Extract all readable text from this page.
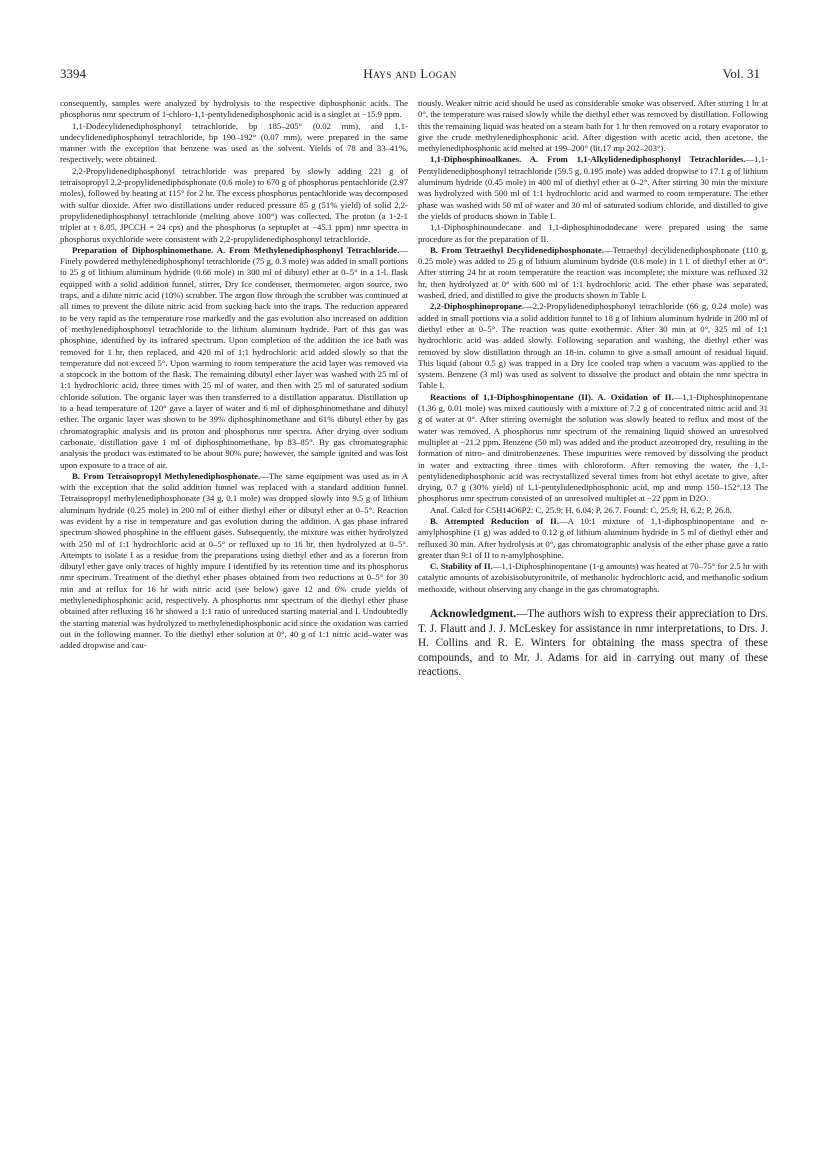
3394	Hays and Logan	Vol. 31

consequently, samples were analyzed by hydrolysis to the respective diphosphonic acids. The phosphorus nmr spectrum of 1-chloro-1,1-pentylidenediphosphonic acid is a singlet at −15.9 ppm.

1,1-Dodecylidenediphosphonyl tetrachloride, bp 185–205° (0.02 mm), and 1,1-undecylidenediphosphonyl tetrachloride, bp 190–192° (0.07 mm), were prepared in the same manner with the exception that benzene was used as the solvent. Yields of 78 and 33–41%, respectively, were obtained.

2,2-Propylidenediphosphonyl tetrachloride was prepared by slowly adding 221 g of tetraisopropyl 2,2-propylidenediphosphonate (0.6 mole) to 670 g of phosphorus pentachloride (2.97 moles), followed by heating at 115° for 2 hr. The excess phosphorus pentachloride was decomposed with sulfur dioxide. After two distillations under reduced pressure 85 g (51% yield) of solid 2,2-propylidenediphosphonyl tetrachloride (melting above 100°) was collected. The proton (a 1-2-1 triplet at τ 8.05, JPCCH = 24 cps) and the phosphorus (a septuplet at −45.1 ppm) nmr spectra in phosphorus oxychloride were consistent with 2,2-propylidenediphosphonyl tetrachloride.

Preparation of Diphosphinomethane. A. From Methylenediphosphonyl Tetrachloride.—Finely powdered methylenediphosphonyl tetrachloride (75 g, 0.3 mole) was added in small portions to 25 g of lithium aluminum hydride (0.66 mole) in 300 ml of dibutyl ether at 0–5° in a 1-l. flask equipped with a solid addition funnel, stirrer, Dry Ice condenser, thermometer, argon source, two traps, and a dilute nitric acid (10%) scrubber. The argon flow through the scrubber was continued at all times to prevent the dilute nitric acid from sucking back into the traps. The reduction appeared to be very rapid as the temperature rose markedly and the gas evolution also increased on addition of methylenediphosphonyl tetrachloride to the lithium aluminum hydride. Part of this gas was phosphine, identified by its infrared spectrum. Upon completion of the addition the ice bath was removed for 1 hr, then replaced, and 420 ml of 1:1 hydrochloric acid added slowly so that the temperature did not exceed 5°. Upon warming to room temperature the acid layer was removed via a stopcock in the bottom of the flask. The remaining dibutyl ether layer was washed with 25 ml of 1:1 hydrochloric acid, three times with 25 ml of water, and then with 25 ml of saturated sodium chloride solution. The organic layer was then transferred to a distillation apparatus. Distillation up to a head temperature of 120° gave a layer of water and 6 ml of diphosphinomethane and dibutyl ether. The organic layer was shown to be 39% diphosphinomethane and 61% dibutyl ether by gas chromatographic analysis and its proton and phosphorus nmr spectra. After drying over sodium carbonate, distillation gave 1 ml of diphosphinomethane, bp 83–85°. By gas chromatographic analysis the product was estimated to be about 90% pure; however, the sample ignited and was lost upon exposure to a trace of air.

B. From Tetraisopropyl Methylenediphosphonate.—The same equipment was used as in A with the exception that the solid addition funnel was replaced with a standard addition funnel. Tetraisopropyl methylenediphosphonate (34 g, 0.1 mole) was dropped slowly into 9.5 g of lithium aluminum hydride (0.25 mole) in 200 ml of either diethyl ether or dibutyl ether at 0–5°. Reaction was evident by a rise in temperature and gas evolution during the addition. A gas phase infrared spectrum showed phosphine in the effluent gases. Subsequently, the mixture was either hydrolyzed with 250 ml of 1:1 hydrochloric acid at 0–5° or refluxed up to 16 hr, then hydrolyzed at 0–5°. Attempts to isolate I as a residue from the preparations using diethyl ether and as a forerun from dibutyl ether gave only traces of highly impure I identified by its retention time and its phosphorus nmr spectrum. Treatment of the diethyl ether phases obtained from two reductions at 0–5° for 30 min and at reflux for 16 hr with nitric acid (see below) gave 12 and 6% crude yields of methylenediphosphonic acid, respectively. A phosphorus nmr spectrum of the diethyl ether phase obtained after refluxing 16 hr showed a 1:1 ratio of unreduced starting material and I. Undoubtedly the starting material was hydrolyzed to methylenediphosphonic acid since the oxidation was carried out in the following manner. To the diethyl ether solution at 0°, 40 g of 1:1 nitric acid–water was added dropwise and cau-

tiously. Weaker nitric acid should be used as considerable smoke was observed. After stirring 1 hr at 0°, the temperature was raised slowly while the diethyl ether was removed by distillation. Following this the remaining liquid was heated on a steam bath for 1 hr then removed on a rotary evaporator to give the crude methylenediphosphonic acid. After digestion with acetic acid, then acetone, the methylenediphosphonic acid melted at 199–200° (lit.17 mp 202–203°).

1,1-Diphosphinoalkanes. A. From 1,1-Alkylidenediphosphonyl Tetrachlorides.—1,1-Pentylidenediphosphonyl tetrachloride (59.5 g, 0.195 mole) was added dropwise to 17.1 g of lithium aluminum hydride (0.45 mole) in 400 ml of diethyl ether at 0–2°. After stirring 30 min the mixture was hydrolyzed with 500 ml of 1:1 hydrochloric acid and warmed to room temperature. The ether phase was washed with 50 ml of water and 30 ml of saturated sodium chloride, and distilled to give the yields of products shown in Table I.

1,1-Diphosphinoundecane and 1,1-diphosphinododecane were prepared using the same procedure as for the preparation of II.

B. From Tetraethyl Decylidenediphosphonate.—Tetraethyl decylidenediphosphonate (110 g, 0.25 mole) was added to 25 g of lithium aluminum hydride (0.6 mole) in 1 l. of diethyl ether at 0°. After stirring 24 hr at room temperature the reaction was incomplete; the mixture was refluxed 32 hr, then hydrolyzed at 0° with 600 ml of 1:1 hydrochloric acid. The ether phase was separated, washed, dried, and distilled to give the products shown in Table I.

2,2-Diphosphinopropane.—2,2-Propylidenediphosphonyl tetrachloride (66 g, 0.24 mole) was added in small portions via a solid addition funnel to 18 g of lithium aluminum hydride in 200 ml of diethyl ether at 0–5°. The reaction was quite exothermic. After 30 min at 0°, 325 ml of 1:1 hydrochloric acid was added slowly. Following separation and washing, the diethyl ether was removed by slow distillation through an 18-in. column to give a small amount of residual liquid. This liquid (about 0.5 g) was trapped in a Dry Ice cooled trap when a vacuum was applied to the system. Benzene (3 ml) was used as solvent to dissolve the product and obtain the nmr spectra in Table I.

Reactions of 1,1-Diphosphinopentane (II). A. Oxidation of II.—1,1-Diphosphinopentane (1.36 g, 0.01 mole) was mixed cautiously with a mixture of 7.2 g of concentrated nitric acid and 31 g of water at 0°. After stirring overnight the solution was slowly heated to reflux and most of the water was removed. A phosphorus nmr spectrum of the remaining liquid showed an unresolved multiplet at −21.2 ppm. Benzene (50 ml) was added and the product azeotroped dry, resulting in the formation of nitro- and dinitrobenzenes. These impurities were removed by dissolving the product in water and extracting three times with chloroform. After removing the water, the 1,1-pentylidenediphosphonic acid was recrystallized several times from hot ethyl acetate to give, after drying, 0.7 g (30% yield) of 1,1-pentylidenediphosphonic acid, mp and mmp 150–152°.13 The phosphorus nmr spectrum consisted of an unresolved multiplet at −22 ppm in D2O.

Anal. Calcd for C5H14O6P2: C, 25.9; H, 6.04; P, 26.7. Found: C, 25.9; H, 6.2; P, 26.8.

B. Attempted Reduction of II.—A 10:1 mixture of 1,1-diphosphinopentane and n-amylphosphine (1 g) was added to 0.12 g of lithium aluminum hydride in 5 ml of diethyl ether and refluxed 30 min. After hydrolysis at 0°, gas chromatographic analysis of the ether phase gave a ratio greater than 9:1 of II to n-amylphosphine.

C. Stability of II.—1,1-Diphosphinopentane (1-g amounts) was heated at 70–75° for 2.5 hr with catalytic amounts of azobisisobutyronitrile, of methanolic hydrochloric acid, and methanolic sodium methoxide, without observing any change in the gas chromatographs.

Acknowledgment.—The authors wish to express their appreciation to Drs. T. J. Flautt and J. J. McLeskey for assistance in nmr interpretations, to Drs. J. H. Collins and R. E. Winters for obtaining the mass spectra of these compounds, and to Mr. J. Adams for aid in carrying out many of these reactions.
